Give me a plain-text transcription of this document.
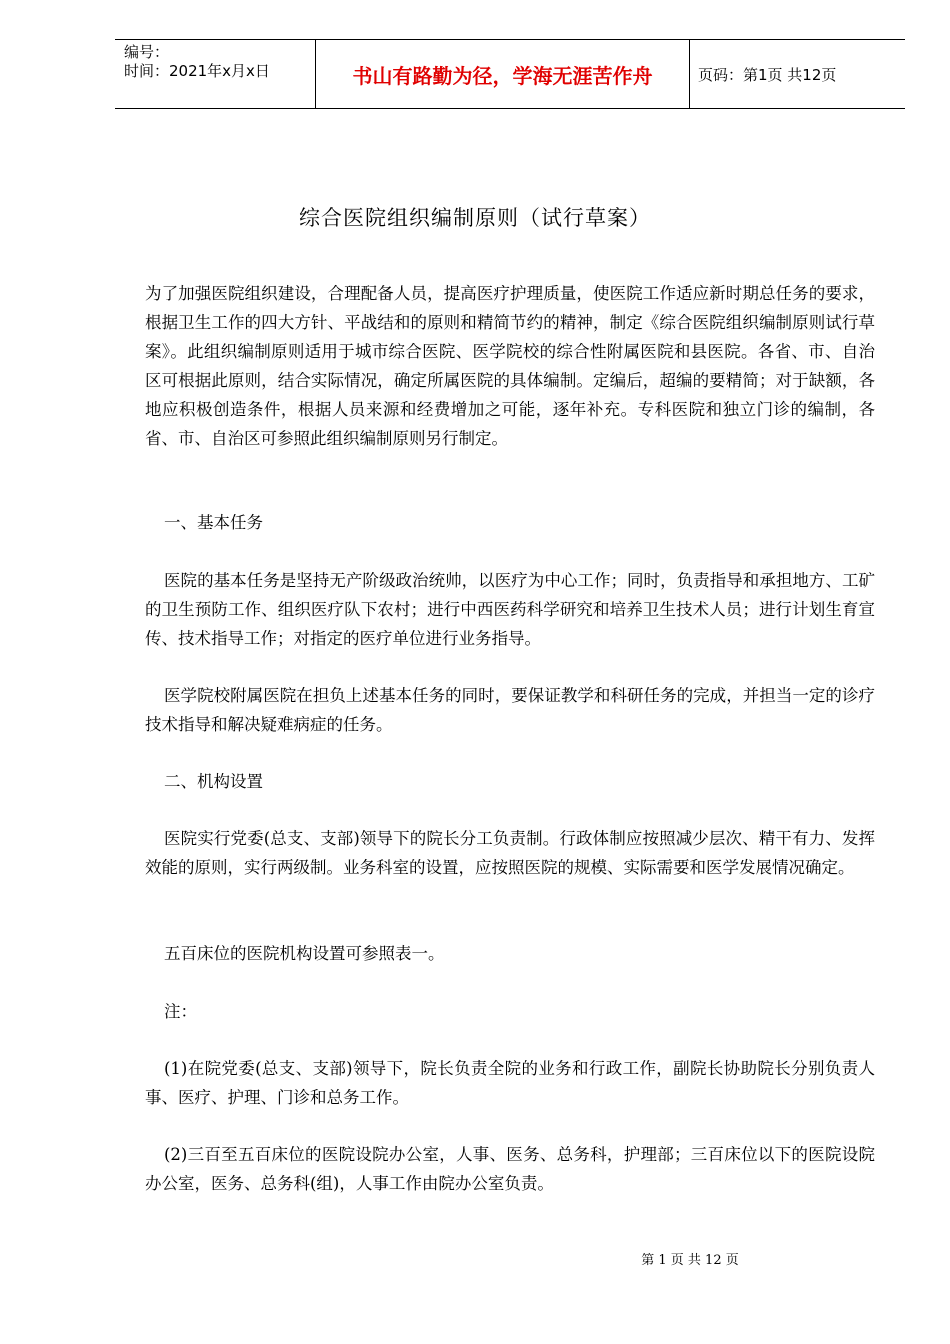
编号：
时间：2021年x月x日	书山有路勤为径，学海无涯苦作舟	页码：第1页 共12页
综合医院组织编制原则（试行草案）

为了加强医院组织建设，合理配备人员，提高医疗护理质量，使医院工作适应新时期总任务的要求，根据卫生工作的四大方针、平战结和的原则和精简节约的精神，制定《综合医院组织编制原则试行草案》。此组织编制原则适用于城市综合医院、医学院校的综合性附属医院和县医院。各省、市、自治区可根据此原则，结合实际情况，确定所属医院的具体编制。定编后，超编的要精简；对于缺额，各地应积极创造条件，根据人员来源和经费增加之可能，逐年补充。专科医院和独立门诊的编制，各省、市、自治区可参照此组织编制原则另行制定。

一、基本任务

医院的基本任务是坚持无产阶级政治统帅，以医疗为中心工作；同时，负责指导和承担地方、工矿的卫生预防工作、组织医疗队下农村；进行中西医药科学研究和培养卫生技术人员；进行计划生育宣传、技术指导工作；对指定的医疗单位进行业务指导。

医学院校附属医院在担负上述基本任务的同时，要保证教学和科研任务的完成，并担当一定的诊疗技术指导和解决疑难病症的任务。

二、机构设置

医院实行党委(总支、支部)领导下的院长分工负责制。行政体制应按照减少层次、精干有力、发挥效能的原则，实行两级制。业务科室的设置，应按照医院的规模、实际需要和医学发展情况确定。

五百床位的医院机构设置可参照表一。

注：

(1)在院党委(总支、支部)领导下，院长负责全院的业务和行政工作，副院长协助院长分别负责人事、医疗、护理、门诊和总务工作。

(2)三百至五百床位的医院设院办公室，人事、医务、总务科，护理部；三百床位以下的医院设院办公室，医务、总务科(组)，人事工作由院办公室负责。

第 1 页 共 12 页
